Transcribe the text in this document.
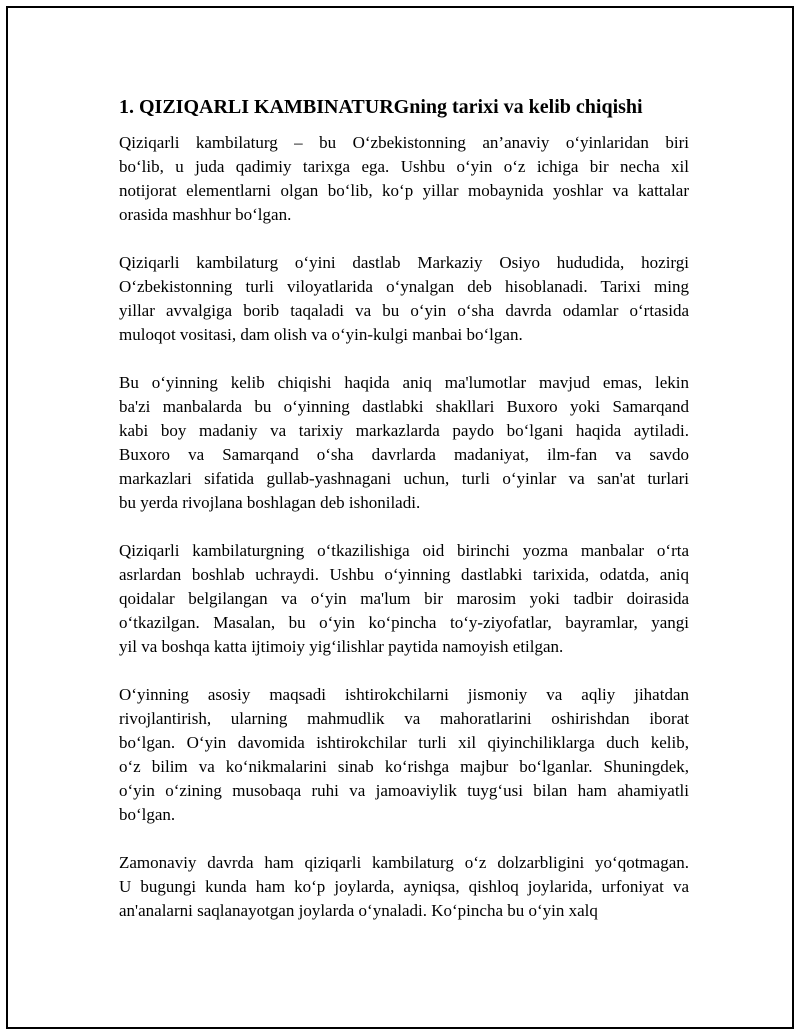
1. QIZIQARLI KAMBINATURGning tarixi va kelib chiqishi

Qiziqarli kambilaturg – bu O‘zbekistonning an’anaviy o‘yinlaridan biri
bo‘lib, u juda qadimiy tarixga ega. Ushbu o‘yin o‘z ichiga bir necha xil
notijorat elementlarni olgan bo‘lib, ko‘p yillar mobaynida yoshlar va kattalar
orasida mashhur bo‘lgan.

Qiziqarli kambilaturg o‘yini dastlab Markaziy Osiyo hududida, hozirgi
O‘zbekistonning turli viloyatlarida o‘ynalgan deb hisoblanadi. Tarixi ming
yillar avvalgiga borib taqaladi va bu o‘yin o‘sha davrda odamlar o‘rtasida
muloqot vositasi, dam olish va o‘yin-kulgi manbai bo‘lgan.

Bu o‘yinning kelib chiqishi haqida aniq ma'lumotlar mavjud emas, lekin
ba'zi manbalarda bu o‘yinning dastlabki shakllari Buxoro yoki Samarqand
kabi boy madaniy va tarixiy markazlarda paydo bo‘lgani haqida aytiladi.
Buxoro va Samarqand o‘sha davrlarda madaniyat, ilm-fan va savdo
markazlari sifatida gullab-yashnagani uchun, turli o‘yinlar va san'at turlari
bu yerda rivojlana boshlagan deb ishoniladi.

Qiziqarli kambilaturgning o‘tkazilishiga oid birinchi yozma manbalar o‘rta
asrlardan boshlab uchraydi. Ushbu o‘yinning dastlabki tarixida, odatda, aniq
qoidalar belgilangan va o‘yin ma'lum bir marosim yoki tadbir doirasida
o‘tkazilgan. Masalan, bu o‘yin ko‘pincha to‘y-ziyofatlar, bayramlar, yangi
yil va boshqa katta ijtimoiy yig‘ilishlar paytida namoyish etilgan.

O‘yinning asosiy maqsadi ishtirokchilarni jismoniy va aqliy jihatdan
rivojlantirish, ularning mahmudlik va mahoratlarini oshirishdan iborat
bo‘lgan. O‘yin davomida ishtirokchilar turli xil qiyinchiliklarga duch kelib,
o‘z bilim va ko‘nikmalarini sinab ko‘rishga majbur bo‘lganlar. Shuningdek,
o‘yin o‘zining musobaqa ruhi va jamoaviylik tuyg‘usi bilan ham ahamiyatli
bo‘lgan.

Zamonaviy davrda ham qiziqarli kambilaturg o‘z dolzarbligini yo‘qotmagan.
U bugungi kunda ham ko‘p joylarda, ayniqsa, qishloq joylarida, urfoniyat va
an'analarni saqlanayotgan joylarda o‘ynaladi. Ko‘pincha bu o‘yin xalq
